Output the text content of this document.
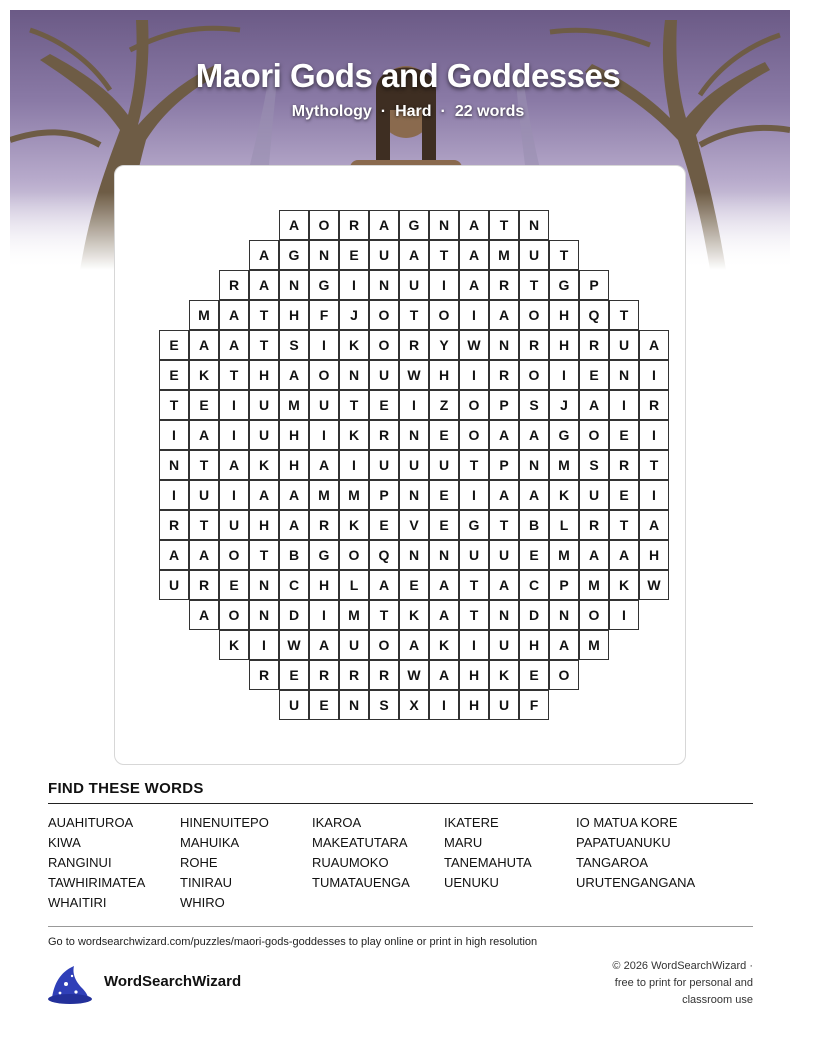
Maori Gods and Goddesses
Mythology · Hard · 22 words
A	O	R	A	G	N	A	T	N
A	G	N	E	U	A	T	A	M	U	T
R	A	N	G	I	N	U	I	A	R	T	G	P
M	A	T	H	F	J	O	T	O	I	A	O	H	Q	T
E	A	A	T	S	I	K	O	R	Y	W	N	R	H	R	U	A
E	K	T	H	A	O	N	U	W	H	I	R	O	I	E	N	I
T	E	I	U	M	U	T	E	I	Z	O	P	S	J	A	I	R
I	A	I	U	H	I	K	R	N	E	O	A	A	G	O	E	I
N	T	A	K	H	A	I	U	U	U	T	P	N	M	S	R	T
I	U	I	A	A	M	M	P	N	E	I	A	A	K	U	E	I
R	T	U	H	A	R	K	E	V	E	G	T	B	L	R	T	A
A	A	O	T	B	G	O	Q	N	N	U	U	E	M	A	A	H
U	R	E	N	C	H	L	A	E	A	T	A	C	P	M	K	W
A	O	N	D	I	M	T	K	A	T	N	D	N	O	I
K	I	W	A	U	O	A	K	I	U	H	A	M
R	E	R	R	R	W	A	H	K	E	O
U	E	N	S	X	I	H	U	F
FIND THESE WORDS
AUAHITUROA	HINENUITEPO	IKAROA	IKATERE	IO MATUA KORE
KIWA	MAHUIKA	MAKEATUTARA	MARU	PAPATUANUKU
RANGINUI	ROHE	RUAUMOKO	TANEMAHUTA	TANGAROA
TAWHIRIMATEA	TINIRAU	TUMATAUENGA	UENUKU	URUTENGANGANA
WHAITIRI	WHIRO
Go to wordsearchwizard.com/puzzles/maori-gods-goddesses to play online or print in high resolution
WordSearchWizard
© 2026 WordSearchWizard ·
free to print for personal and
classroom use
